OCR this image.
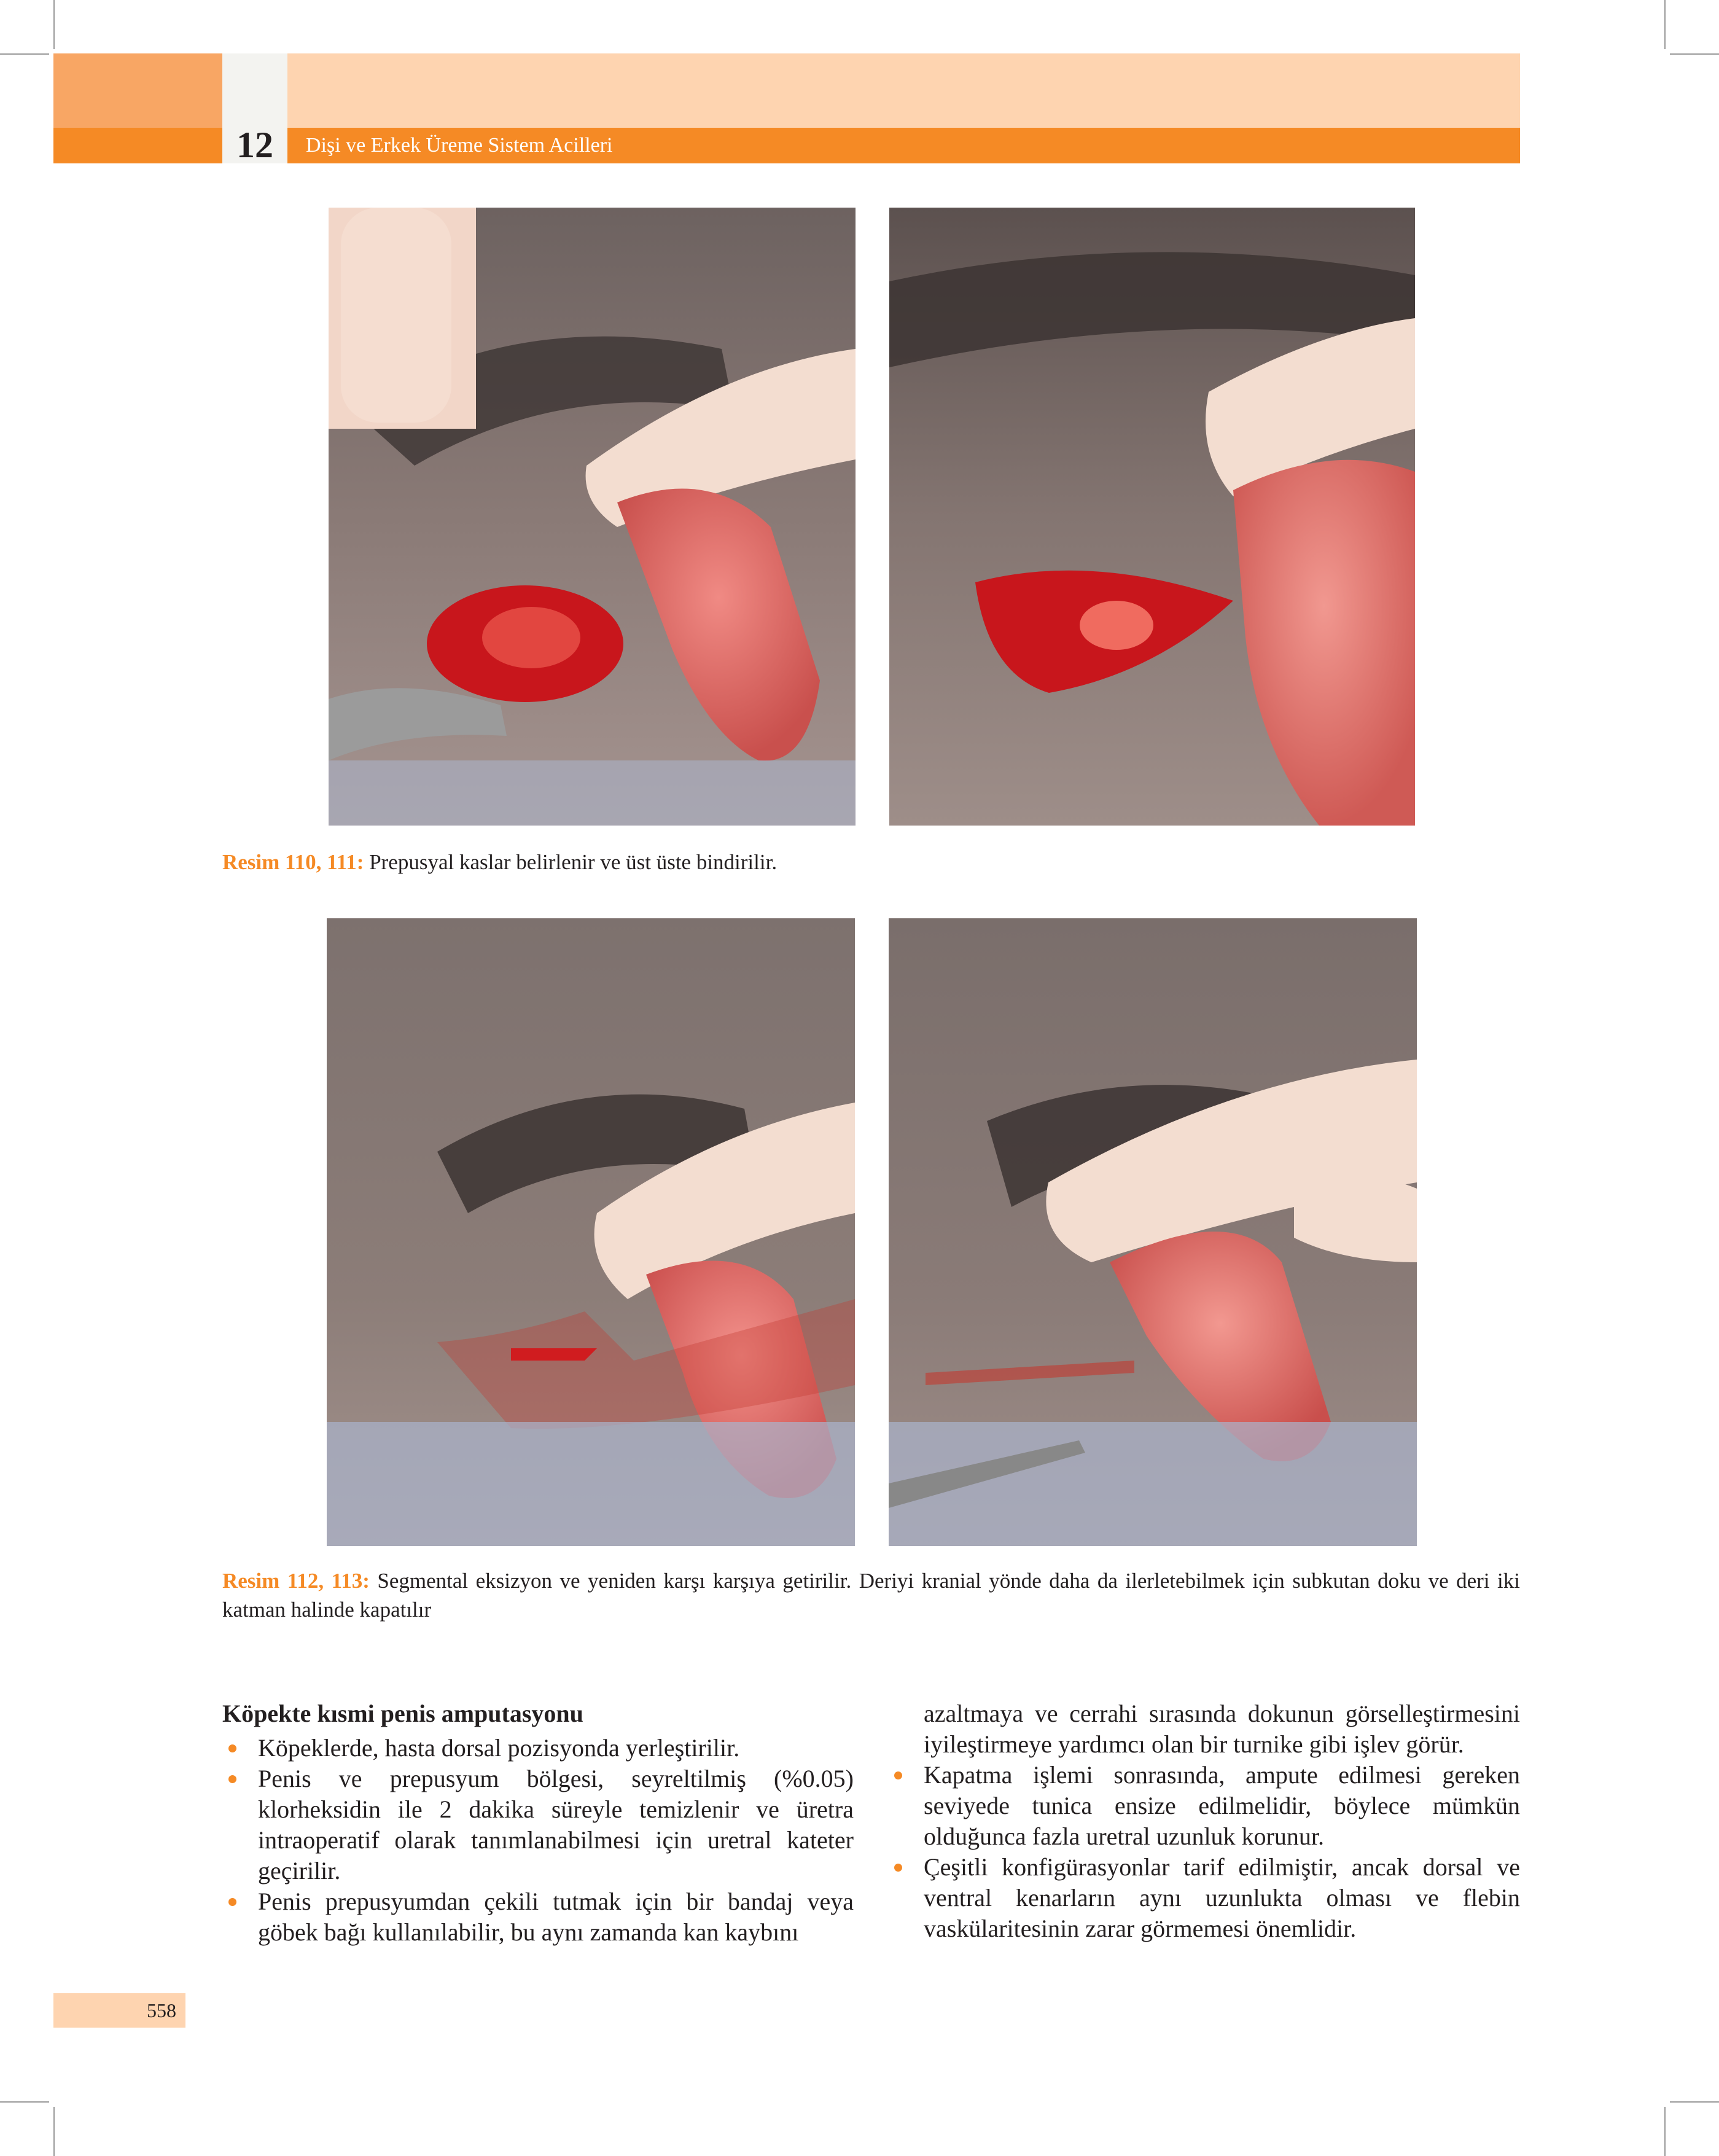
12	Dişi ve Erkek Üreme Sistem Acilleri
Resim 110, 111: Prepusyal kaslar belirlenir ve üst üste bindirilir.
Resim 112, 113: Segmental eksizyon ve yeniden karşı karşıya getirilir. Deriyi kranial yönde daha da ilerletebilmek için subkutan doku ve deri iki katman halinde kapatılır
Köpekte kısmi penis amputasyonu
Köpeklerde, hasta dorsal pozisyonda yerleştirilir.
Penis ve prepusyum bölgesi, seyreltilmiş (%0.05) klorheksidin ile 2 dakika süreyle temizlenir ve üretra intraoperatif olarak tanımlanabilmesi için uretral kateter geçirilir.
Penis prepusyumdan çekili tutmak için bir bandaj veya göbek bağı kullanılabilir, bu aynı zamanda kan kaybını

azaltmaya ve cerrahi sırasında dokunun görselleştirmesini iyileştirmeye yardımcı olan bir turnike gibi işlev görür.

Kapatma işlemi sonrasında, ampute edilmesi gereken seviyede tunica ensize edilmelidir, böylece mümkün olduğunca fazla uretral uzunluk korunur.
Çeşitli konfigürasyonlar tarif edilmiştir, ancak dorsal ve ventral kenarların aynı uzunlukta olması ve flebin vaskülaritesinin zarar görmemesi önemlidir.
558
